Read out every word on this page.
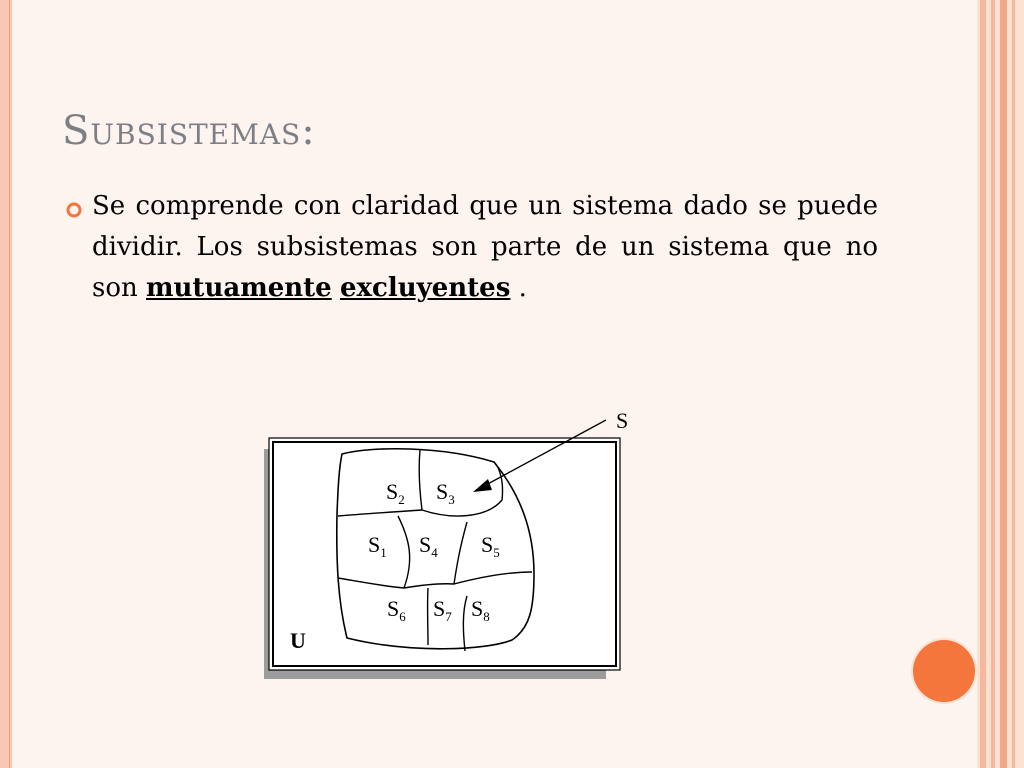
Subsistemas:

Se comprende con claridad que un sistema dado se puede dividir. Los subsistemas son parte de un sistema que no son mutuamente excluyentes .

S
$S_2$ $S_3$
$S_1$ $S_4$ $S_5$
$S_6$ $S_7$ $S_8$
U
